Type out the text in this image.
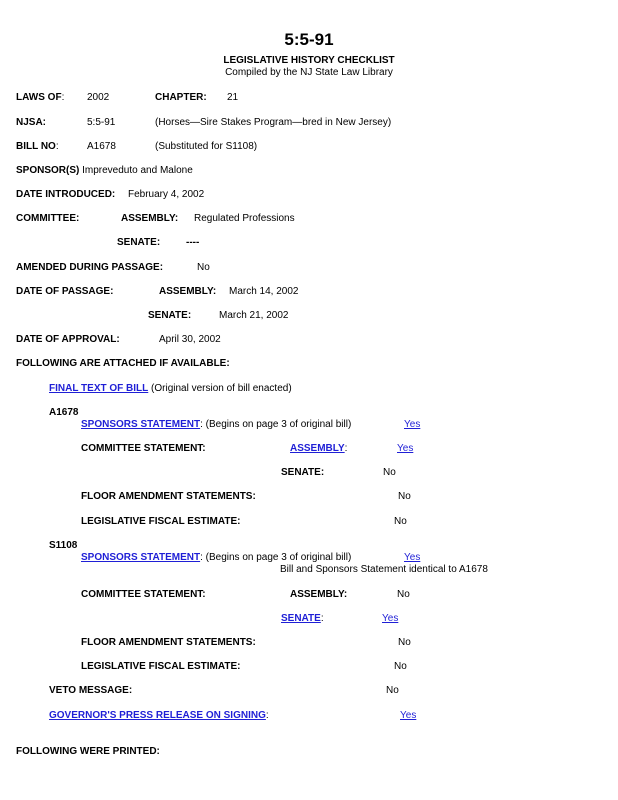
5:5-91
LEGISLATIVE HISTORY CHECKLIST
Compiled by the NJ State Law Library
LAWS OF: 2002	CHAPTER: 21
NJSA:	5:5-91	(Horses—Sire Stakes Program—bred in New Jersey)
BILL NO:	A1678	(Substituted for S1108)
SPONSOR(S) Impreveduto and Malone
DATE INTRODUCED: February 4, 2002
COMMITTEE:	ASSEMBLY: Regulated Professions
SENATE:	----
AMENDED DURING PASSAGE:	No
DATE OF PASSAGE:	ASSEMBLY: March 14, 2002
SENATE:	March 21, 2002
DATE OF APPROVAL:	April 30, 2002
FOLLOWING ARE ATTACHED IF AVAILABLE:
FINAL TEXT OF BILL (Original version of bill enacted)
A1678
SPONSORS STATEMENT: (Begins on page 3 of original bill)	Yes
COMMITTEE STATEMENT:	ASSEMBLY:	Yes
SENATE:	No
FLOOR AMENDMENT STATEMENTS:	No
LEGISLATIVE FISCAL ESTIMATE:	No
S1108
SPONSORS STATEMENT: (Begins on page 3 of original bill)	Yes
Bill and Sponsors Statement identical to A1678
COMMITTEE STATEMENT:	ASSEMBLY:	No
SENATE:	Yes
FLOOR AMENDMENT STATEMENTS:	No
LEGISLATIVE FISCAL ESTIMATE:	No
VETO MESSAGE:	No
GOVERNOR'S PRESS RELEASE ON SIGNING:	Yes
FOLLOWING WERE PRINTED:
